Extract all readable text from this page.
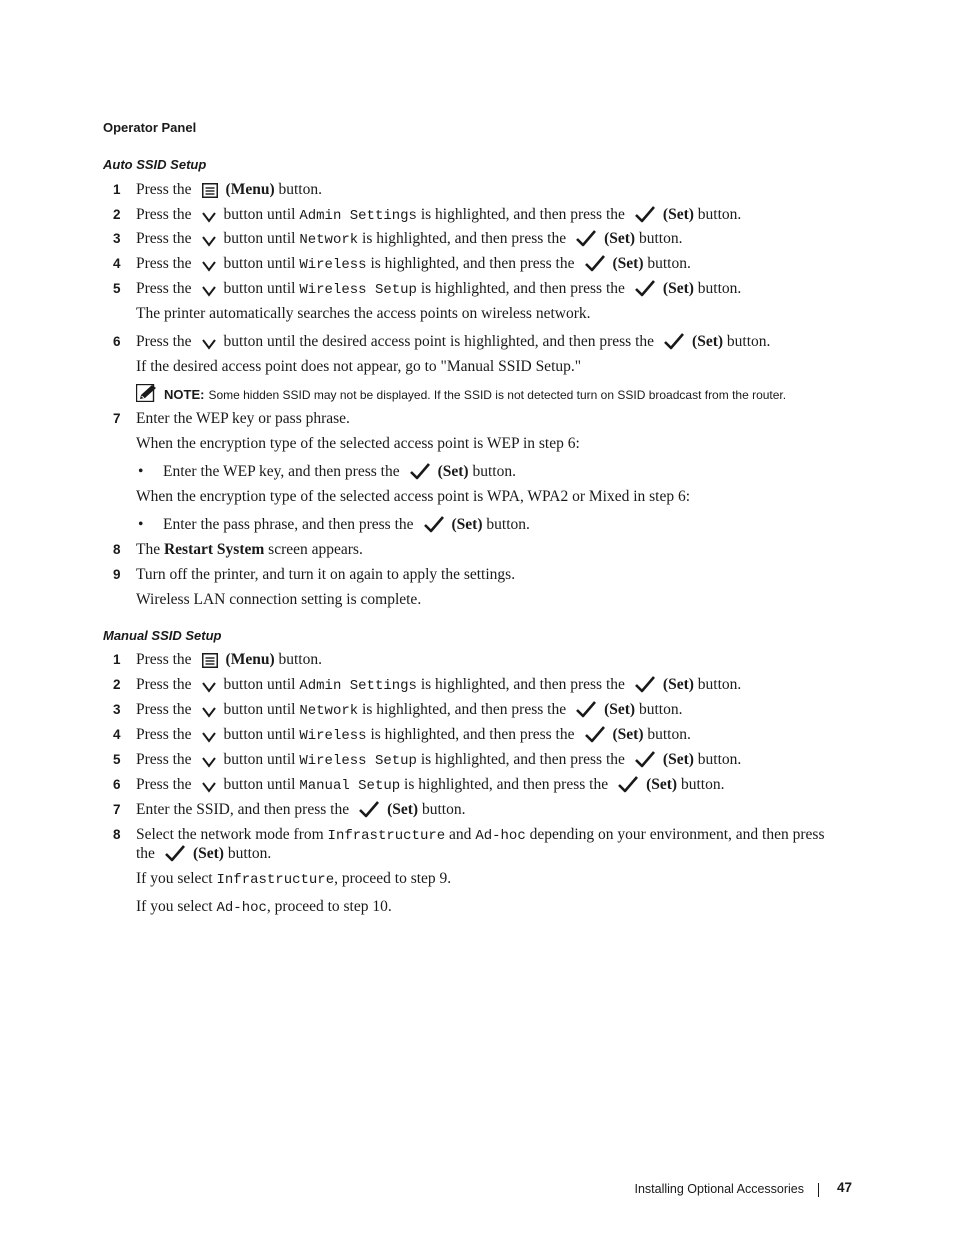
Operator Panel
Auto SSID Setup
1 Press the (Menu) button.
2 Press the button until Admin Settings is highlighted, and then press the (Set) button.
3 Press the button until Network is highlighted, and then press the (Set) button.
4 Press the button until Wireless is highlighted, and then press the (Set) button.
5 Press the button until Wireless Setup is highlighted, and then press the (Set) button.
The printer automatically searches the access points on wireless network.
6 Press the button until the desired access point is highlighted, and then press the (Set) button.
If the desired access point does not appear, go to "Manual SSID Setup."
NOTE: Some hidden SSID may not be displayed. If the SSID is not detected turn on SSID broadcast from the router.
7 Enter the WEP key or pass phrase.
When the encryption type of the selected access point is WEP in step 6:
• Enter the WEP key, and then press the (Set) button.
When the encryption type of the selected access point is WPA, WPA2 or Mixed in step 6:
• Enter the pass phrase, and then press the (Set) button.
8 The Restart System screen appears.
9 Turn off the printer, and turn it on again to apply the settings.
Wireless LAN connection setting is complete.
Manual SSID Setup
1 Press the (Menu) button.
2 Press the button until Admin Settings is highlighted, and then press the (Set) button.
3 Press the button until Network is highlighted, and then press the (Set) button.
4 Press the button until Wireless is highlighted, and then press the (Set) button.
5 Press the button until Wireless Setup is highlighted, and then press the (Set) button.
6 Press the button until Manual Setup is highlighted, and then press the (Set) button.
7 Enter the SSID, and then press the (Set) button.
8 Select the network mode from Infrastructure and Ad-hoc depending on your environment, and then press
the (Set) button.
If you select Infrastructure, proceed to step 9.
If you select Ad-hoc, proceed to step 10.
Installing Optional Accessories 47
